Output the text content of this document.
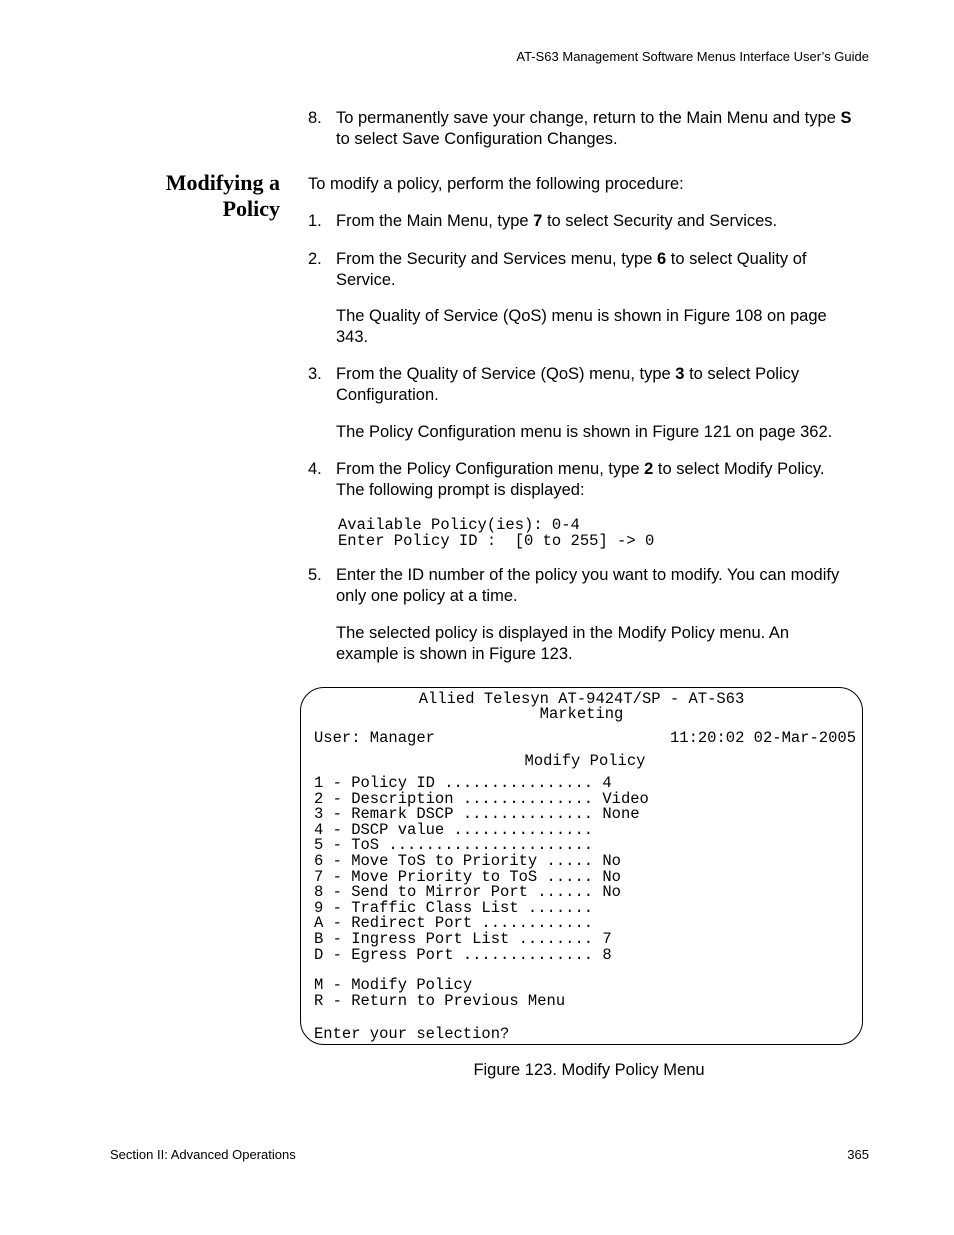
AT-S63 Management Software Menus Interface User’s Guide
8. To permanently save your change, return to the Main Menu and type S
to select Save Configuration Changes.
Modifying a
Policy
To modify a policy, perform the following procedure:
1. From the Main Menu, type 7 to select Security and Services.
2. From the Security and Services menu, type 6 to select Quality of
Service.
The Quality of Service (QoS) menu is shown in Figure 108 on page
343.
3. From the Quality of Service (QoS) menu, type 3 to select Policy
Configuration.
The Policy Configuration menu is shown in Figure 121 on page 362.
4. From the Policy Configuration menu, type 2 to select Modify Policy.
The following prompt is displayed:
Available Policy(ies): 0-4
Enter Policy ID :  [0 to 255] -> 0
5. Enter the ID number of the policy you want to modify. You can modify
only one policy at a time.
The selected policy is displayed in the Modify Policy menu. An
example is shown in Figure 123.
Allied Telesyn AT-9424T/SP - AT-S63
Marketing
User: Manager	11:20:02 02-Mar-2005
Modify Policy
1 - Policy ID ................ 4
2 - Description .............. Video
3 - Remark DSCP .............. None
4 - DSCP value ...............
5 - ToS ......................
6 - Move ToS to Priority ..... No
7 - Move Priority to ToS ..... No
8 - Send to Mirror Port ...... No
9 - Traffic Class List .......
A - Redirect Port ............
B - Ingress Port List ........ 7
D - Egress Port .............. 8
M - Modify Policy
R - Return to Previous Menu
Enter your selection?
Figure 123. Modify Policy Menu
Section II: Advanced Operations	365
